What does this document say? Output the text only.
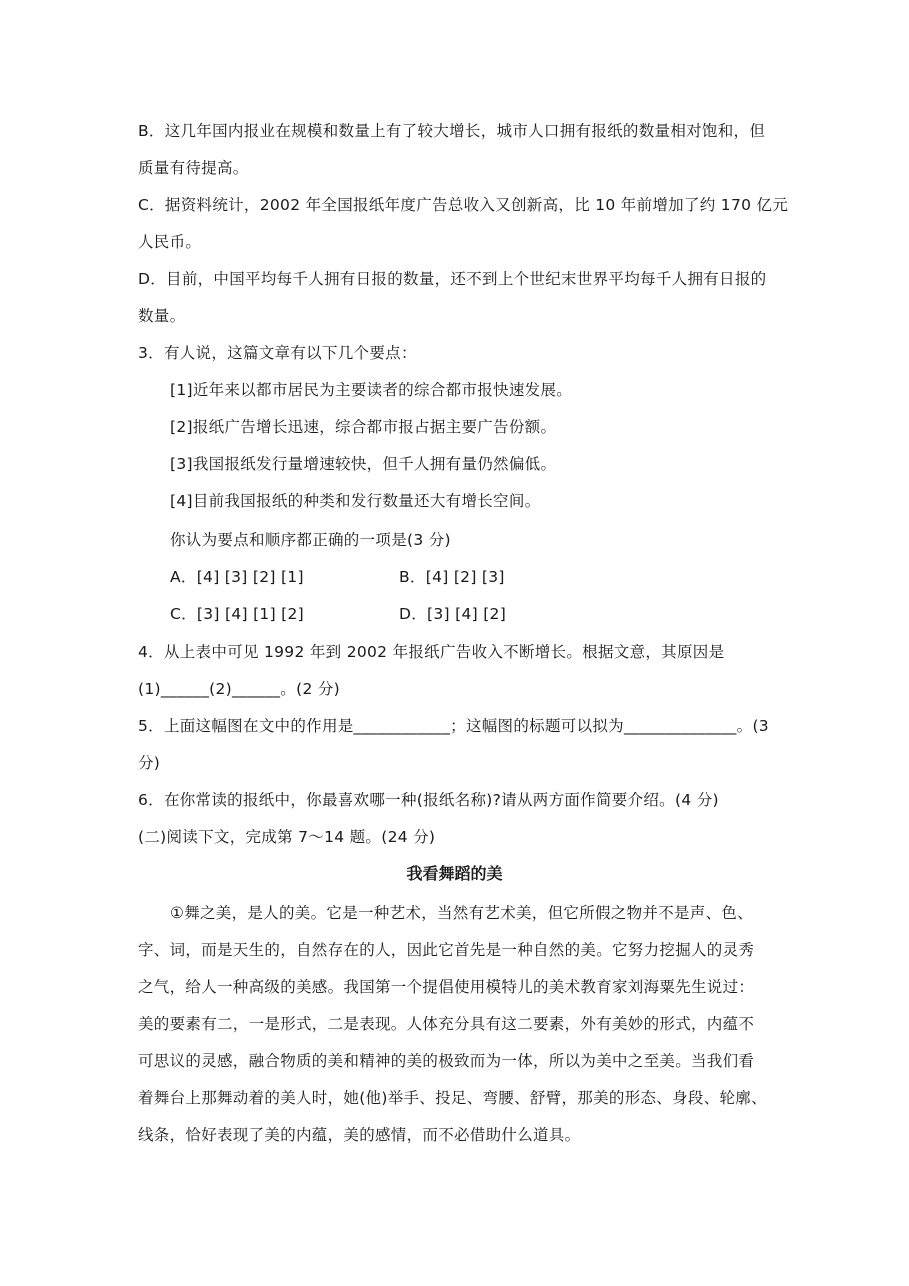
B．这几年国内报业在规模和数量上有了较大增长，城市人口拥有报纸的数量相对饱和，但
质量有待提高。
C．据资料统计，2002 年全国报纸年度广告总收入又创新高，比 10 年前增加了约 170 亿元
人民币。
D．目前，中国平均每千人拥有日报的数量，还不到上个世纪末世界平均每千人拥有日报的
数量。
3．有人说，这篇文章有以下几个要点：
[1]近年来以都市居民为主要读者的综合都市报快速发展。
[2]报纸广告增长迅速，综合都市报占据主要广告份额。
[3]我国报纸发行量增速较快，但千人拥有量仍然偏低。
[4]目前我国报纸的种类和发行数量还大有增长空间。
你认为要点和顺序都正确的一项是(3 分)
A．[4] [3] [2] [1]	B．[4] [2] [3]
C．[3] [4] [1] [2]	D．[3] [4] [2]
4．从上表中可见 1992 年到 2002 年报纸广告收入不断增长。根据文意，其原因是
(1)______(2)______。(2 分)
5．上面这幅图在文中的作用是____________；这幅图的标题可以拟为______________。(3
分)
6．在你常读的报纸中，你最喜欢哪一种(报纸名称)?请从两方面作简要介绍。(4 分)
(二)阅读下文，完成第 7～14 题。(24 分)
我看舞蹈的美
①舞之美，是人的美。它是一种艺术，当然有艺术美，但它所假之物并不是声、色、
字、词，而是天生的，自然存在的人，因此它首先是一种自然的美。它努力挖掘人的灵秀
之气，给人一种高级的美感。我国第一个提倡使用模特儿的美术教育家刘海粟先生说过：
美的要素有二，一是形式，二是表现。人体充分具有这二要素，外有美妙的形式，内蕴不
可思议的灵感，融合物质的美和精神的美的极致而为一体，所以为美中之至美。当我们看
着舞台上那舞动着的美人时，她(他)举手、投足、弯腰、舒臂，那美的形态、身段、轮廓、
线条，恰好表现了美的内蕴，美的感情，而不必借助什么道具。
